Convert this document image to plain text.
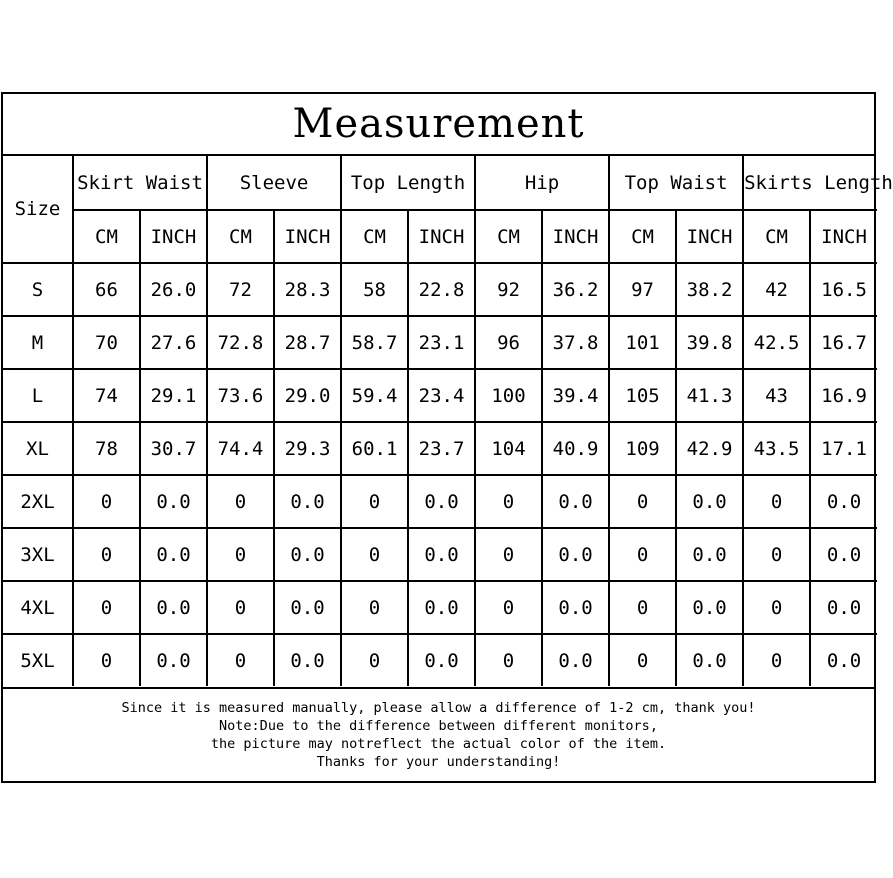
Measurement
Size	Skirt Waist		Sleeve		Top Length		Hip		Top Waist		Skirts Length	
	CM	INCH	CM	INCH	CM	INCH	CM	INCH	CM	INCH	CM	INCH
S	66	26.0	72	28.3	58	22.8	92	36.2	97	38.2	42	16.5
M	70	27.6	72.8	28.7	58.7	23.1	96	37.8	101	39.8	42.5	16.7
L	74	29.1	73.6	29.0	59.4	23.4	100	39.4	105	41.3	43	16.9
XL	78	30.7	74.4	29.3	60.1	23.7	104	40.9	109	42.9	43.5	17.1
2XL	0	0.0	0	0.0	0	0.0	0	0.0	0	0.0	0	0.0
3XL	0	0.0	0	0.0	0	0.0	0	0.0	0	0.0	0	0.0
4XL	0	0.0	0	0.0	0	0.0	0	0.0	0	0.0	0	0.0
5XL	0	0.0	0	0.0	0	0.0	0	0.0	0	0.0	0	0.0
Since it is measured manually, please allow a difference of 1-2 cm, thank you!
Note:Due to the difference between different monitors,
the picture may notreflect the actual color of the item.
Thanks for your understanding!
